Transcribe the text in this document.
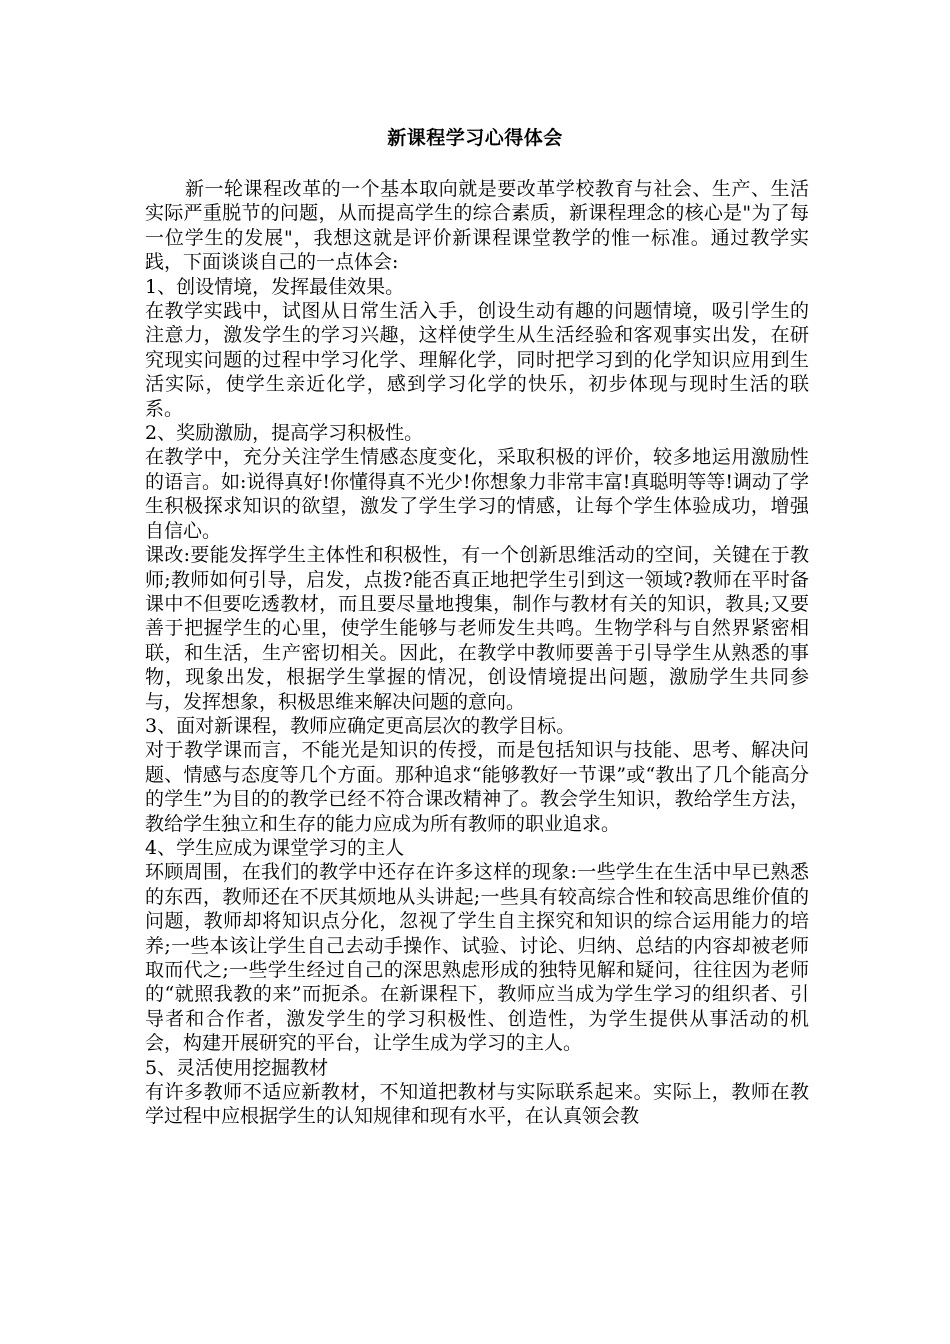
新课程学习心得体会

新一轮课程改革的一个基本取向就是要改革学校教育与社会、生产、生活实际严重脱节的问题，从而提高学生的综合素质，新课程理念的核心是"为了每一位学生的发展"，我想这就是评价新课程课堂教学的惟一标准。通过教学实践，下面谈谈自己的一点体会:

1、创设情境，发挥最佳效果。

在教学实践中，试图从日常生活入手，创设生动有趣的问题情境，吸引学生的注意力，激发学生的学习兴趣，这样使学生从生活经验和客观事实出发，在研究现实问题的过程中学习化学、理解化学，同时把学习到的化学知识应用到生活实际，使学生亲近化学，感到学习化学的快乐，初步体现与现时生活的联系。

2、奖励激励，提高学习积极性。

在教学中，充分关注学生情感态度变化，采取积极的评价，较多地运用激励性的语言。如:说得真好!你懂得真不光少!你想象力非常丰富!真聪明等等!调动了学生积极探求知识的欲望，激发了学生学习的情感，让每个学生体验成功，增强自信心。

课改:要能发挥学生主体性和积极性，有一个创新思维活动的空间，关键在于教师;教师如何引导，启发，点拨?能否真正地把学生引到这一领域?教师在平时备课中不但要吃透教材，而且要尽量地搜集，制作与教材有关的知识，教具;又要善于把握学生的心里，使学生能够与老师发生共鸣。生物学科与自然界紧密相联，和生活，生产密切相关。因此，在教学中教师要善于引导学生从熟悉的事物，现象出发，根据学生掌握的情况，创设情境提出问题，激励学生共同参与，发挥想象，积极思维来解决问题的意向。

3、面对新课程，教师应确定更高层次的教学目标。

对于教学课而言，不能光是知识的传授，而是包括知识与技能、思考、解决问题、情感与态度等几个方面。那种追求“能够教好一节课”或“教出了几个能高分的学生”为目的的教学已经不符合课改精神了。教会学生知识，教给学生方法，教给学生独立和生存的能力应成为所有教师的职业追求。

4、学生应成为课堂学习的主人

环顾周围，在我们的教学中还存在许多这样的现象:一些学生在生活中早已熟悉的东西，教师还在不厌其烦地从头讲起;一些具有较高综合性和较高思维价值的问题，教师却将知识点分化，忽视了学生自主探究和知识的综合运用能力的培养;一些本该让学生自己去动手操作、试验、讨论、归纳、总结的内容却被老师取而代之;一些学生经过自己的深思熟虑形成的独特见解和疑问，往往因为老师的“就照我教的来”而扼杀。在新课程下，教师应当成为学生学习的组织者、引导者和合作者，激发学生的学习积极性、创造性，为学生提供从事活动的机会，构建开展研究的平台，让学生成为学习的主人。

5、灵活使用挖掘教材

有许多教师不适应新教材，不知道把教材与实际联系起来。实际上，教师在教学过程中应根据学生的认知规律和现有水平，在认真领会教
